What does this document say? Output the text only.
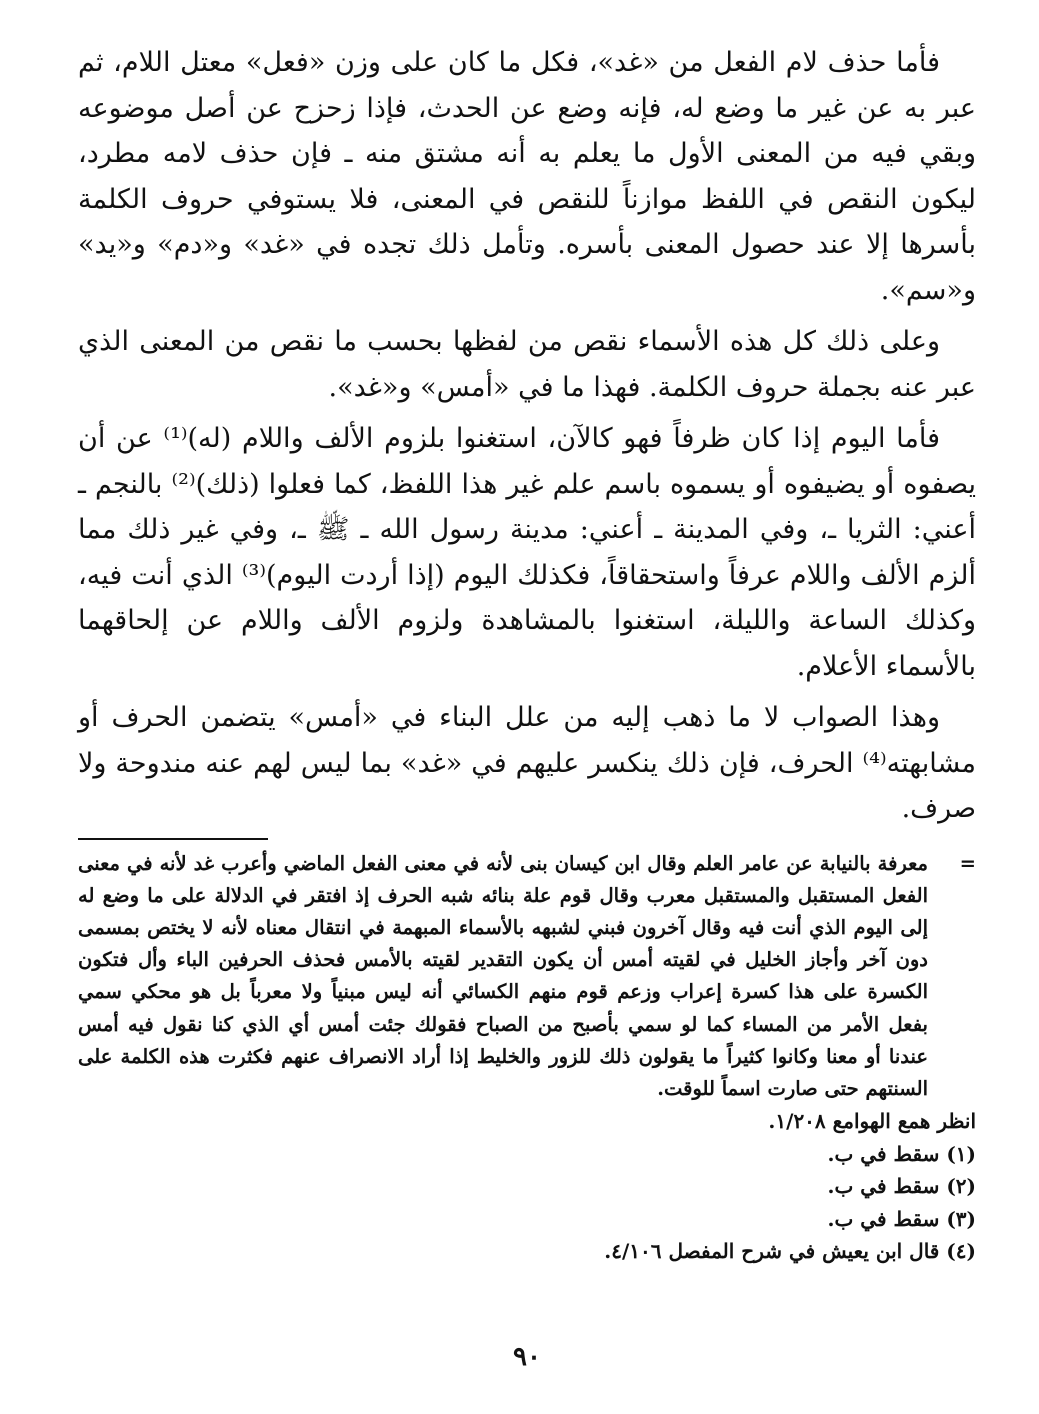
فأما حذف لام الفعل من «غد»، فكل ما كان على وزن «فعل» معتل اللام، ثم عبر به عن غير ما وضع له، فإنه وضع عن الحدث، فإذا زحزح عن أصل موضوعه وبقي فيه من المعنى الأول ما يعلم به أنه مشتق منه ـ فإن حذف لامه مطرد، ليكون النقص في اللفظ موازناً للنقص في المعنى، فلا يستوفي حروف الكلمة بأسرها إلا عند حصول المعنى بأسره. وتأمل ذلك تجده في «غد» و«دم» و«يد» و«سم».

وعلى ذلك كل هذه الأسماء نقص من لفظها بحسب ما نقص من المعنى الذي عبر عنه بجملة حروف الكلمة. فهذا ما في «أمس» و«غد».

فأما اليوم إذا كان ظرفاً فهو كالآن، استغنوا بلزوم الألف واللام (له)⁽¹⁾ عن أن يصفوه أو يضيفوه أو يسموه باسم علم غير هذا اللفظ، كما فعلوا (ذلك)⁽²⁾ بالنجم ـ أعني: الثريا ـ، وفي المدينة ـ أعني: مدينة رسول الله ـ ﷺ ـ، وفي غير ذلك مما ألزم الألف واللام عرفاً واستحقاقاً، فكذلك اليوم (إذا أردت اليوم)⁽³⁾ الذي أنت فيه، وكذلك الساعة والليلة، استغنوا بالمشاهدة ولزوم الألف واللام عن إلحاقهما بالأسماء الأعلام.

وهذا الصواب لا ما ذهب إليه من علل البناء في «أمس» يتضمن الحرف أو مشابهته⁽⁴⁾ الحرف، فإن ذلك ينكسر عليهم في «غد» بما ليس لهم عنه مندوحة ولا صرف.

=
معرفة بالنيابة عن عامر العلم وقال ابن كيسان بنى لأنه في معنى الفعل الماضي وأعرب غد لأنه في معنى الفعل المستقبل والمستقبل معرب وقال قوم علة بنائه شبه الحرف إذ افتقر في الدلالة على ما وضع له إلى اليوم الذي أنت فيه وقال آخرون فبني لشبهه بالأسماء المبهمة في انتقال معناه لأنه لا يختص بمسمى دون آخر وأجاز الخليل في لقيته أمس أن يكون التقدير لقيته بالأمس فحذف الحرفين الباء وأل فتكون الكسرة على هذا كسرة إعراب وزعم قوم منهم الكسائي أنه ليس مبنياً ولا معرباً بل هو محكي سمي بفعل الأمر من المساء كما لو سمي بأصبح من الصباح فقولك جئت أمس أي الذي كنا نقول فيه أمس عندنا أو معنا وكانوا كثيراً ما يقولون ذلك للزور والخليط إذا أراد الانصراف عنهم فكثرت هذه الكلمة على السنتهم حتى صارت اسماً للوقت.

انظر همع الهوامع ١/٢٠٨.

(١) سقط في ب.

(٢) سقط في ب.

(٣) سقط في ب.

(٤) قال ابن يعيش في شرح المفصل ٤/١٠٦.

٩٠
